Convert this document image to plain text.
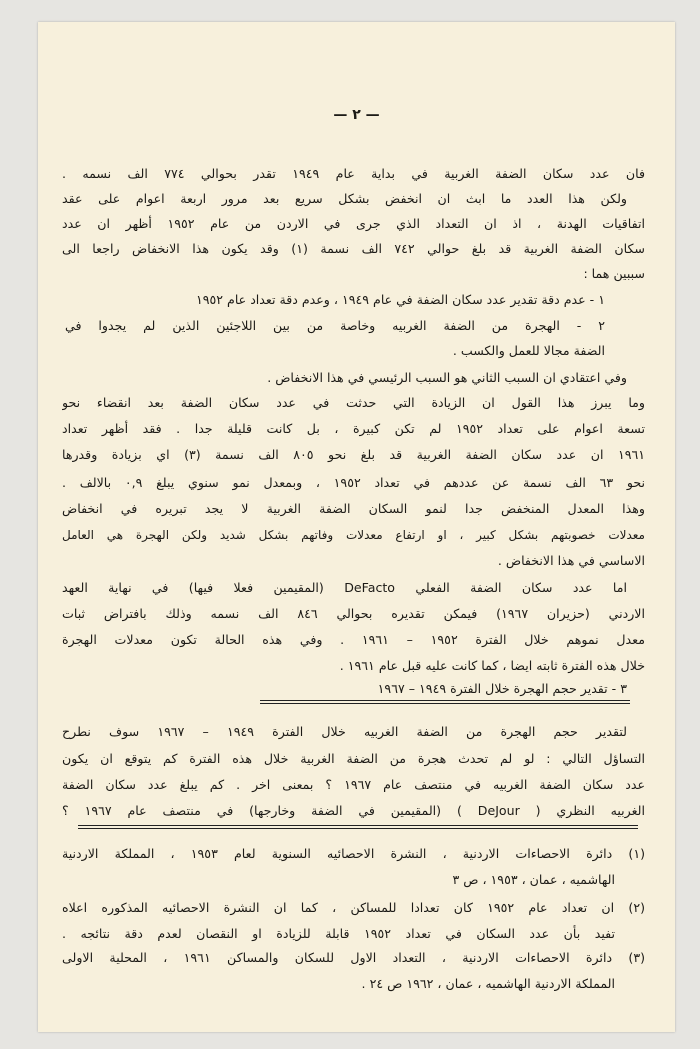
— ٢ —
فان عدد سكان الضفة الغربية في بداية عام ١٩٤٩ تقدر بحوالي ٧٧٤ الف نسمه .
ولكن هذا العدد ما ابث ان انخفض بشكل سريع بعد مرور اربعة اعوام على عقد
اتفاقيات الهدنة ، اذ ان التعداد الذي جرى في الاردن من عام ١٩٥٢ أظهر ان عدد
سكان الضفة الغربية قد بلغ حوالي ٧٤٢ الف نسمة (١) وقد يكون هذا الانخفاض راجعا الى
سببين هما :
١ - عدم دقة تقدير عدد سكان الضفة في عام ١٩٤٩ ، وعدم دقة تعداد عام ١٩٥٢
٢ - الهجرة من الضفة الغربيه وخاصة من بين اللاجئين الذين لم يجدوا في
الضفة مجالا للعمل والكسب .
وفي اعتقادي ان السبب الثاني هو السبب الرئيسي في هذا الانخفاض .
وما يبرز هذا القول ان الزيادة التي حدثت في عدد سكان الضفة بعد انقضاء نحو
تسعة اعوام على تعداد ١٩٥٢ لم تكن كبيرة ، بل كانت قليلة جدا . فقد أظهر تعداد
١٩٦١ ان عدد سكان الضفة الغربية قد بلغ نحو ٨٠٥ الف نسمة (٣) اي بزيادة وقدرها
نحو ٦٣ الف نسمة عن عددهم في تعداد ١٩٥٢ ، وبمعدل نمو سنوي يبلغ ٠,٩ بالالف .
وهذا المعدل المنخفض جدا لنمو السكان الضفة الغربية لا يجد تبريره في انخفاض
معدلات خصوبتهم بشكل كبير ، او ارتفاع معدلات وفاتهم بشكل شديد ولكن الهجرة هي العامل
الاساسي في هذا الانخفاض .
اما عدد سكان الضفة الفعلي DeFacto (المقيمين فعلا فيها) في نهاية العهد
الاردني (حزيران ١٩٦٧) فيمكن تقديره بحوالي ٨٤٦ الف نسمه وذلك بافتراض ثبات
معدل نموهم خلال الفترة ١٩٥٢ – ١٩٦١ . وفي هذه الحالة تكون معدلات الهجرة
خلال هذه الفترة ثابته ايضا ، كما كانت عليه قبل عام ١٩٦١ .
٣ - تقدير حجم الهجرة خلال الفترة ١٩٤٩ – ١٩٦٧
لتقدير حجم الهجرة من الضفة الغربيه خلال الفترة ١٩٤٩ – ١٩٦٧ سوف نطرح
التساؤل التالي : لو لم تحدث هجرة من الضفة الغربية خلال هذه الفترة كم يتوقع ان يكون
عدد سكان الضفة الغربيه في منتصف عام ١٩٦٧ ؟ بمعنى اخر . كم يبلغ عدد سكان الضفة
الغربيه النظري ( DeJour ) (المقيمين في الضفة وخارجها) في منتصف عام ١٩٦٧ ؟
(١) دائرة الاحصاءات الاردنية ، النشرة الاحصائيه السنوية لعام ١٩٥٣ ، المملكة الاردنية
الهاشميه ، عمان ، ١٩٥٣ ، ص ٣
(٢) ان تعداد عام ١٩٥٢ كان تعدادا للمساكن ، كما ان النشرة الاحصائيه المذكوره اعلاه
تفيد بأن عدد السكان في تعداد ١٩٥٢ قابلة للزيادة او النقصان لعدم دقة نتائجه .
(٣) دائرة الاحصاءات الاردنية ، التعداد الاول للسكان والمساكن ١٩٦١ ، المحلية الاولى
المملكة الاردنية الهاشميه ، عمان ، ١٩٦٢ ص ٢٤ .
